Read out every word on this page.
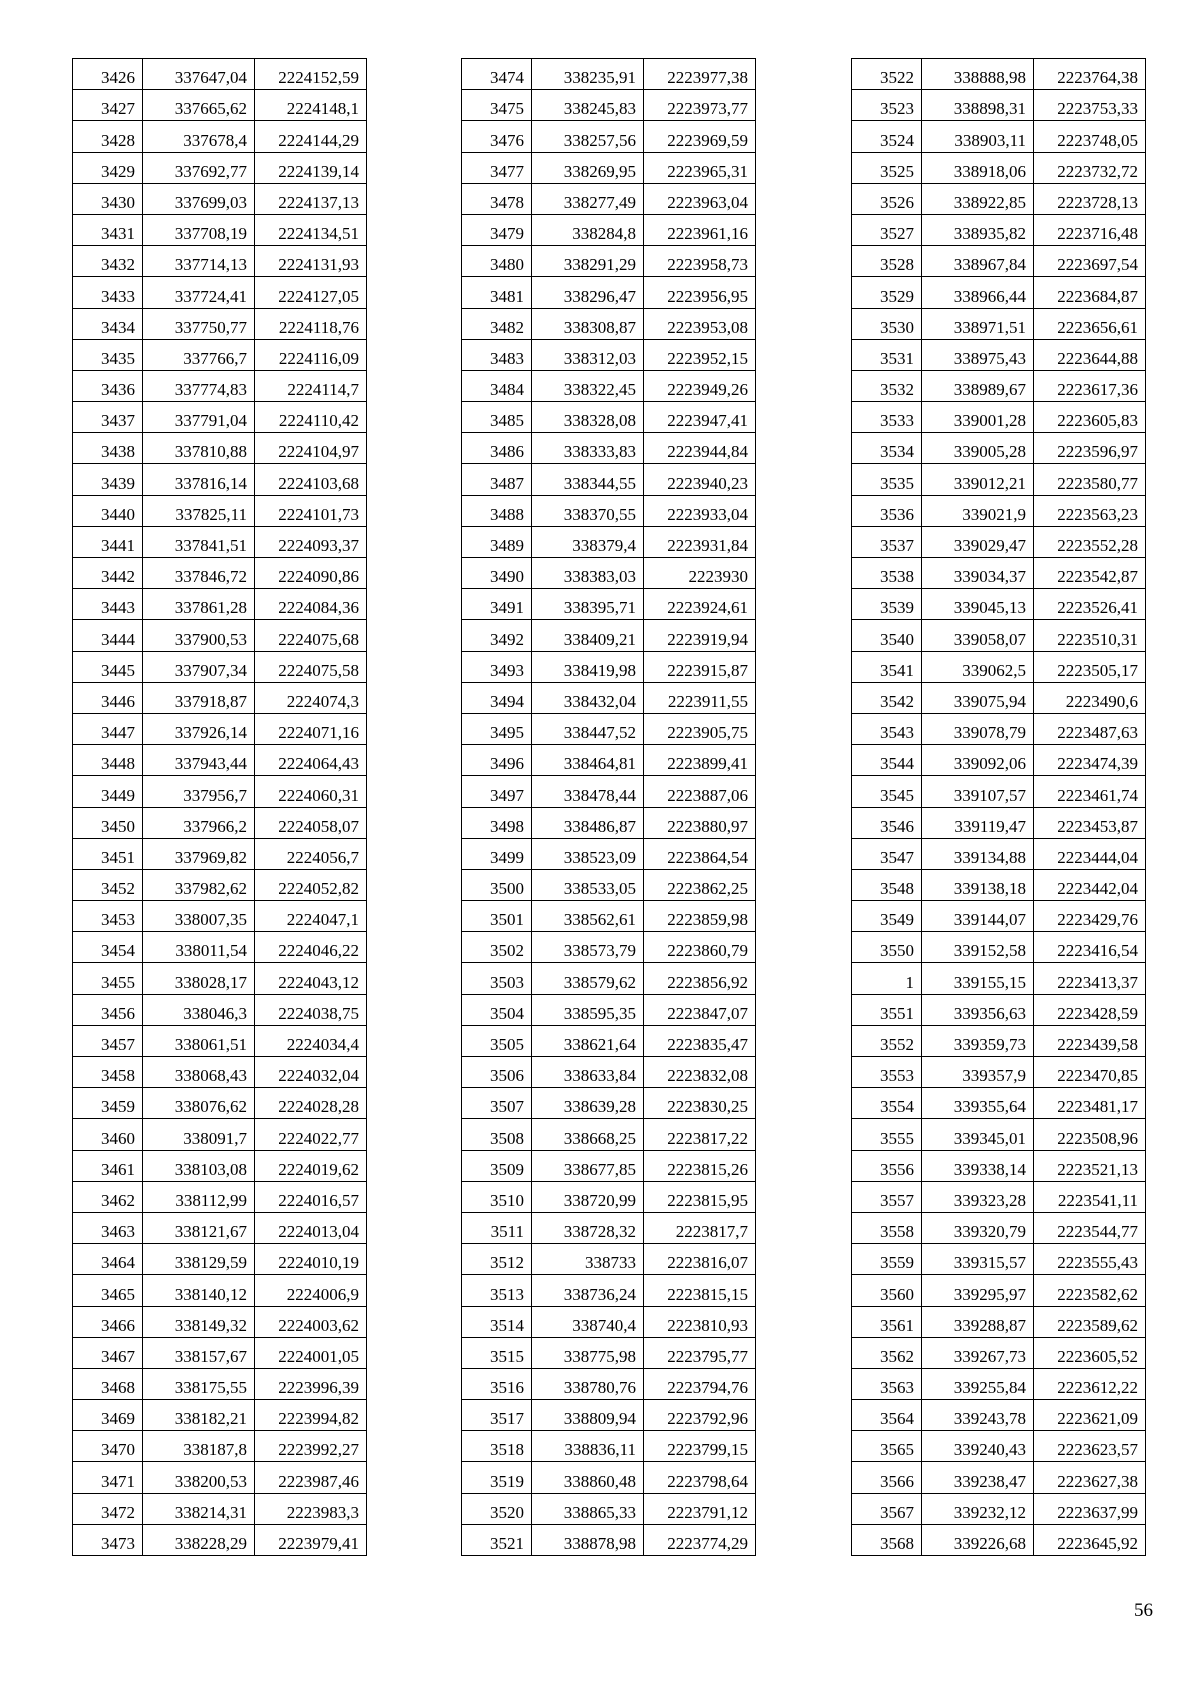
3426	337647,04	2224152,59
3427	337665,62	2224148,1
3428	337678,4	2224144,29
3429	337692,77	2224139,14
3430	337699,03	2224137,13
3431	337708,19	2224134,51
3432	337714,13	2224131,93
3433	337724,41	2224127,05
3434	337750,77	2224118,76
3435	337766,7	2224116,09
3436	337774,83	2224114,7
3437	337791,04	2224110,42
3438	337810,88	2224104,97
3439	337816,14	2224103,68
3440	337825,11	2224101,73
3441	337841,51	2224093,37
3442	337846,72	2224090,86
3443	337861,28	2224084,36
3444	337900,53	2224075,68
3445	337907,34	2224075,58
3446	337918,87	2224074,3
3447	337926,14	2224071,16
3448	337943,44	2224064,43
3449	337956,7	2224060,31
3450	337966,2	2224058,07
3451	337969,82	2224056,7
3452	337982,62	2224052,82
3453	338007,35	2224047,1
3454	338011,54	2224046,22
3455	338028,17	2224043,12
3456	338046,3	2224038,75
3457	338061,51	2224034,4
3458	338068,43	2224032,04
3459	338076,62	2224028,28
3460	338091,7	2224022,77
3461	338103,08	2224019,62
3462	338112,99	2224016,57
3463	338121,67	2224013,04
3464	338129,59	2224010,19
3465	338140,12	2224006,9
3466	338149,32	2224003,62
3467	338157,67	2224001,05
3468	338175,55	2223996,39
3469	338182,21	2223994,82
3470	338187,8	2223992,27
3471	338200,53	2223987,46
3472	338214,31	2223983,3
3473	338228,29	2223979,41
3474	338235,91	2223977,38
3475	338245,83	2223973,77
3476	338257,56	2223969,59
3477	338269,95	2223965,31
3478	338277,49	2223963,04
3479	338284,8	2223961,16
3480	338291,29	2223958,73
3481	338296,47	2223956,95
3482	338308,87	2223953,08
3483	338312,03	2223952,15
3484	338322,45	2223949,26
3485	338328,08	2223947,41
3486	338333,83	2223944,84
3487	338344,55	2223940,23
3488	338370,55	2223933,04
3489	338379,4	2223931,84
3490	338383,03	2223930
3491	338395,71	2223924,61
3492	338409,21	2223919,94
3493	338419,98	2223915,87
3494	338432,04	2223911,55
3495	338447,52	2223905,75
3496	338464,81	2223899,41
3497	338478,44	2223887,06
3498	338486,87	2223880,97
3499	338523,09	2223864,54
3500	338533,05	2223862,25
3501	338562,61	2223859,98
3502	338573,79	2223860,79
3503	338579,62	2223856,92
3504	338595,35	2223847,07
3505	338621,64	2223835,47
3506	338633,84	2223832,08
3507	338639,28	2223830,25
3508	338668,25	2223817,22
3509	338677,85	2223815,26
3510	338720,99	2223815,95
3511	338728,32	2223817,7
3512	338733	2223816,07
3513	338736,24	2223815,15
3514	338740,4	2223810,93
3515	338775,98	2223795,77
3516	338780,76	2223794,76
3517	338809,94	2223792,96
3518	338836,11	2223799,15
3519	338860,48	2223798,64
3520	338865,33	2223791,12
3521	338878,98	2223774,29
3522	338888,98	2223764,38
3523	338898,31	2223753,33
3524	338903,11	2223748,05
3525	338918,06	2223732,72
3526	338922,85	2223728,13
3527	338935,82	2223716,48
3528	338967,84	2223697,54
3529	338966,44	2223684,87
3530	338971,51	2223656,61
3531	338975,43	2223644,88
3532	338989,67	2223617,36
3533	339001,28	2223605,83
3534	339005,28	2223596,97
3535	339012,21	2223580,77
3536	339021,9	2223563,23
3537	339029,47	2223552,28
3538	339034,37	2223542,87
3539	339045,13	2223526,41
3540	339058,07	2223510,31
3541	339062,5	2223505,17
3542	339075,94	2223490,6
3543	339078,79	2223487,63
3544	339092,06	2223474,39
3545	339107,57	2223461,74
3546	339119,47	2223453,87
3547	339134,88	2223444,04
3548	339138,18	2223442,04
3549	339144,07	2223429,76
3550	339152,58	2223416,54
1	339155,15	2223413,37
3551	339356,63	2223428,59
3552	339359,73	2223439,58
3553	339357,9	2223470,85
3554	339355,64	2223481,17
3555	339345,01	2223508,96
3556	339338,14	2223521,13
3557	339323,28	2223541,11
3558	339320,79	2223544,77
3559	339315,57	2223555,43
3560	339295,97	2223582,62
3561	339288,87	2223589,62
3562	339267,73	2223605,52
3563	339255,84	2223612,22
3564	339243,78	2223621,09
3565	339240,43	2223623,57
3566	339238,47	2223627,38
3567	339232,12	2223637,99
3568	339226,68	2223645,92
56
